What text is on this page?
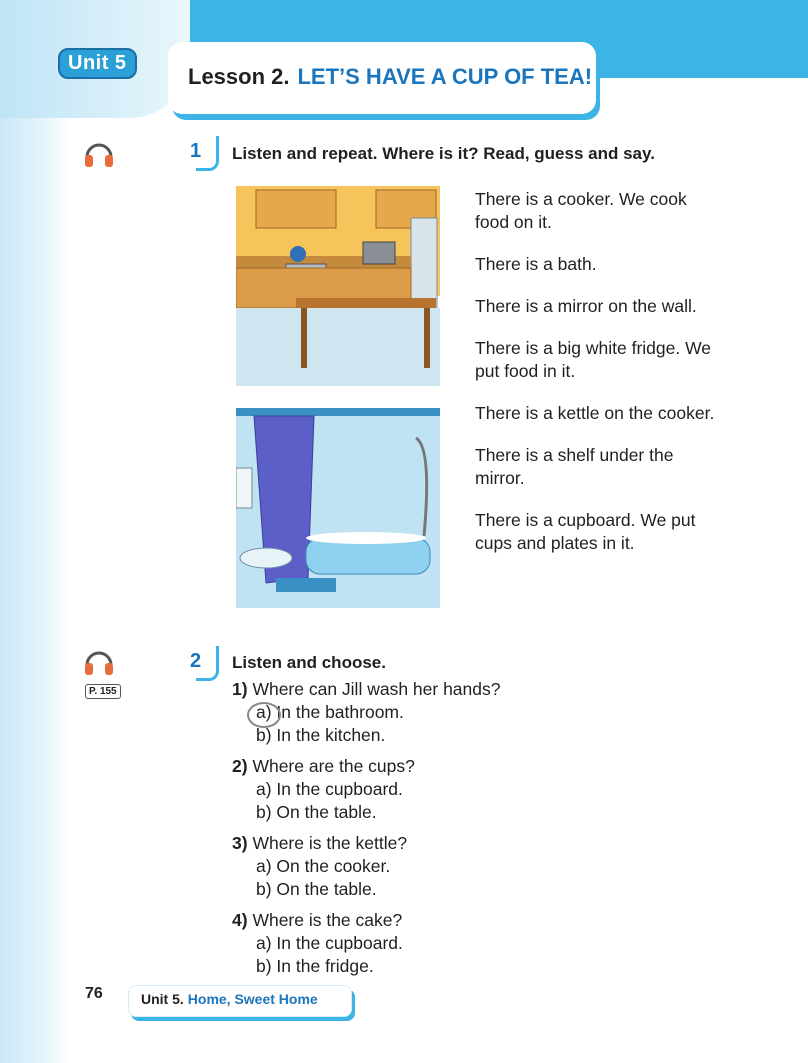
Unit 5
Lesson 2. LET’S HAVE A CUP OF TEA!
1 Listen and repeat. Where is it? Read, guess and say.

There is a cooker. We cook food on it.

There is a bath.

There is a mirror on the wall.

There is a big white fridge. We put food in it.

There is a kettle on the cooker.

There is a shelf under the mirror.

There is a cupboard. We put cups and plates in it.

P. 155
2 Listen and choose.
1) Where can Jill wash her hands?
a) In the bathroom.
b) In the kitchen.
2) Where are the cups?
a) In the cupboard.
b) On the table.
3) Where is the kettle?
a) On the cooker.
b) On the table.
4) Where is the cake?
a) In the cupboard.
b) In the fridge.
76	Unit 5. Home, Sweet Home
